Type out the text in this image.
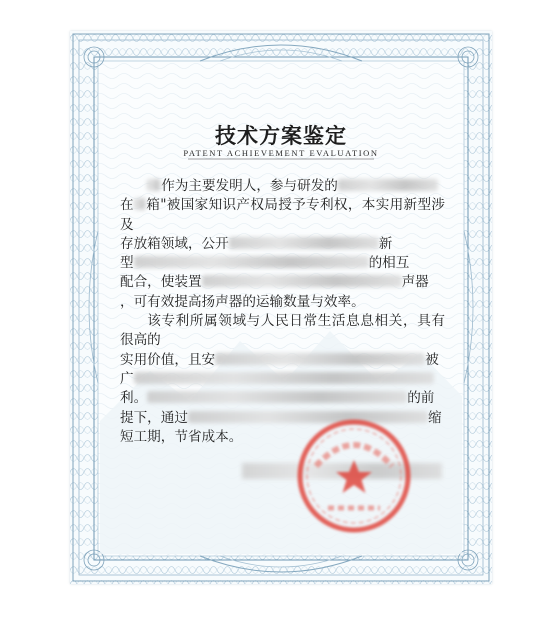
技术方案鉴定
PATENT ACHIEVEMENT EVALUATION

作为主要发明人，参与研发的
在 箱"被国家知识产权局授予专利权，本实用新型涉及
存放箱领域，公开	新
型	的相互
配合，使装置	声器
，可有效提高扬声器的运输数量与效率。

该专利所属领域与人民日常生活息息相关，具有很高的
实用价值，且安	被
广
利。	的前
提下，通过	缩
短工期，节省成本。
